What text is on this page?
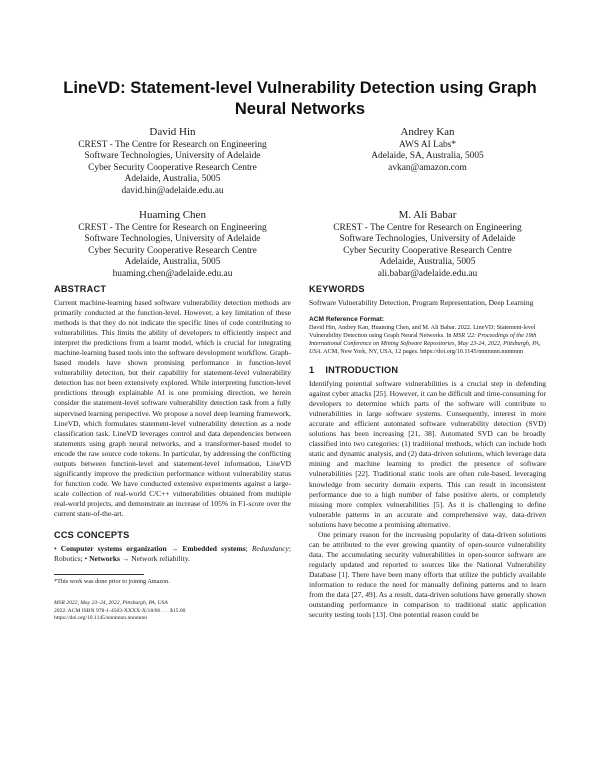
LineVD: Statement-level Vulnerability Detection using Graph Neural Networks
David Hin
CREST - The Centre for Research on Engineering
Software Technologies, University of Adelaide
Cyber Security Cooperative Research Centre
Adelaide, Australia, 5005
david.hin@adelaide.edu.au
Andrey Kan
AWS AI Labs*
Adelaide, SA, Australia, 5005
avkan@amazon.com
Huaming Chen
CREST - The Centre for Research on Engineering
Software Technologies, University of Adelaide
Cyber Security Cooperative Research Centre
Adelaide, Australia, 5005
huaming.chen@adelaide.edu.au
M. Ali Babar
CREST - The Centre for Research on Engineering
Software Technologies, University of Adelaide
Cyber Security Cooperative Research Centre
Adelaide, Australia, 5005
ali.babar@adelaide.edu.au
ABSTRACT

Current machine-learning based software vulnerability detection methods are primarily conducted at the function-level. However, a key limitation of these methods is that they do not indicate the specific lines of code contributing to vulnerabilities. This limits the ability of developers to efficiently inspect and interpret the predictions from a learnt model, which is crucial for integrating machine-learning based tools into the software development workflow. Graph-based models have shown promising performance in function-level vulnerability detection, but their capability for statement-level vulnerability detection has not been extensively explored. While interpreting function-level predictions through explainable AI is one promising direction, we herein consider the statement-level software vulnerability detection task from a fully supervised learning perspective. We propose a novel deep learning framework, LineVD, which formulates statement-level vulnerability detection as a node classification task. LineVD leverages control and data dependencies between statements using graph neural networks, and a transformer-based model to encode the raw source code tokens. In particular, by addressing the conflicting outputs between function-level and statement-level information, LineVD significantly improve the prediction performance without vulnerability status for function code. We have conducted extensive experiments against a large-scale collection of real-world C/C++ vulnerabilities obtained from multiple real-world projects, and demonstrate an increase of 105% in F1-score over the current state-of-the-art.

CCS CONCEPTS

• Computer systems organization → Embedded systems; Redundancy; Robotics; • Networks → Network reliability.

*This work was done prior to joining Amazon.
MSR 2022, May 23–24, 2022, Pittsburgh, PA, USA
2022. ACM ISBN 978-1-4503-XXXX-X/18/06 . . . $15.00
https://doi.org/10.1145/nnnnnnn.nnnnnnn
KEYWORDS

Software Vulnerability Detection, Program Representation, Deep Learning

ACM Reference Format:
David Hin, Andrey Kan, Huaming Chen, and M. Ali Babar. 2022. LineVD: Statement-level Vulnerability Detection using Graph Neural Networks. In MSR '22: Proceedings of the 19th International Conference on Mining Software Repositories, May 23-24, 2022, Pittsburgh, PA, USA. ACM, New York, NY, USA, 12 pages. https://doi.org/10.1145/nnnnnnn.nnnnnnn
1    INTRODUCTION

Identifying potential software vulnerabilities is a crucial step in defending against cyber attacks [25]. However, it can be difficult and time-consuming for developers to determine which parts of the software will contribute to vulnerabilities in large software systems. Consequently, interest in more accurate and efficient automated software vulnerability detection (SVD) solutions has been increasing [21, 38]. Automated SVD can be broadly classified into two categories: (1) traditional methods, which can include both static and dynamic analysis, and (2) data-driven solutions, which leverage data mining and machine learning to predict the presence of software vulnerabilities [22]. Traditional static tools are often rule-based, leveraging knowledge from security domain experts. This can result in inconsistent performance due to a high number of false positive alerts, or completely missing more complex vulnerabilities [5]. As it is challenging to define vulnerable patterns in an accurate and comprehensive way, data-driven solutions have become a promising alternative.

One primary reason for the increasing popularity of data-driven solutions can be attributed to the ever growing quantity of open-source vulnerability data. The accumulating security vulnerabilities in open-source software are regularly updated and reported to sources like the National Vulnerability Database [1]. There have been many efforts that utilize the publicly available information to reduce the need for manually defining patterns and to learn from the data [27, 49]. As a result, data-driven solutions have generally shown outstanding performance in comparison to traditional static application security testing tools [13]. One potential reason could be
